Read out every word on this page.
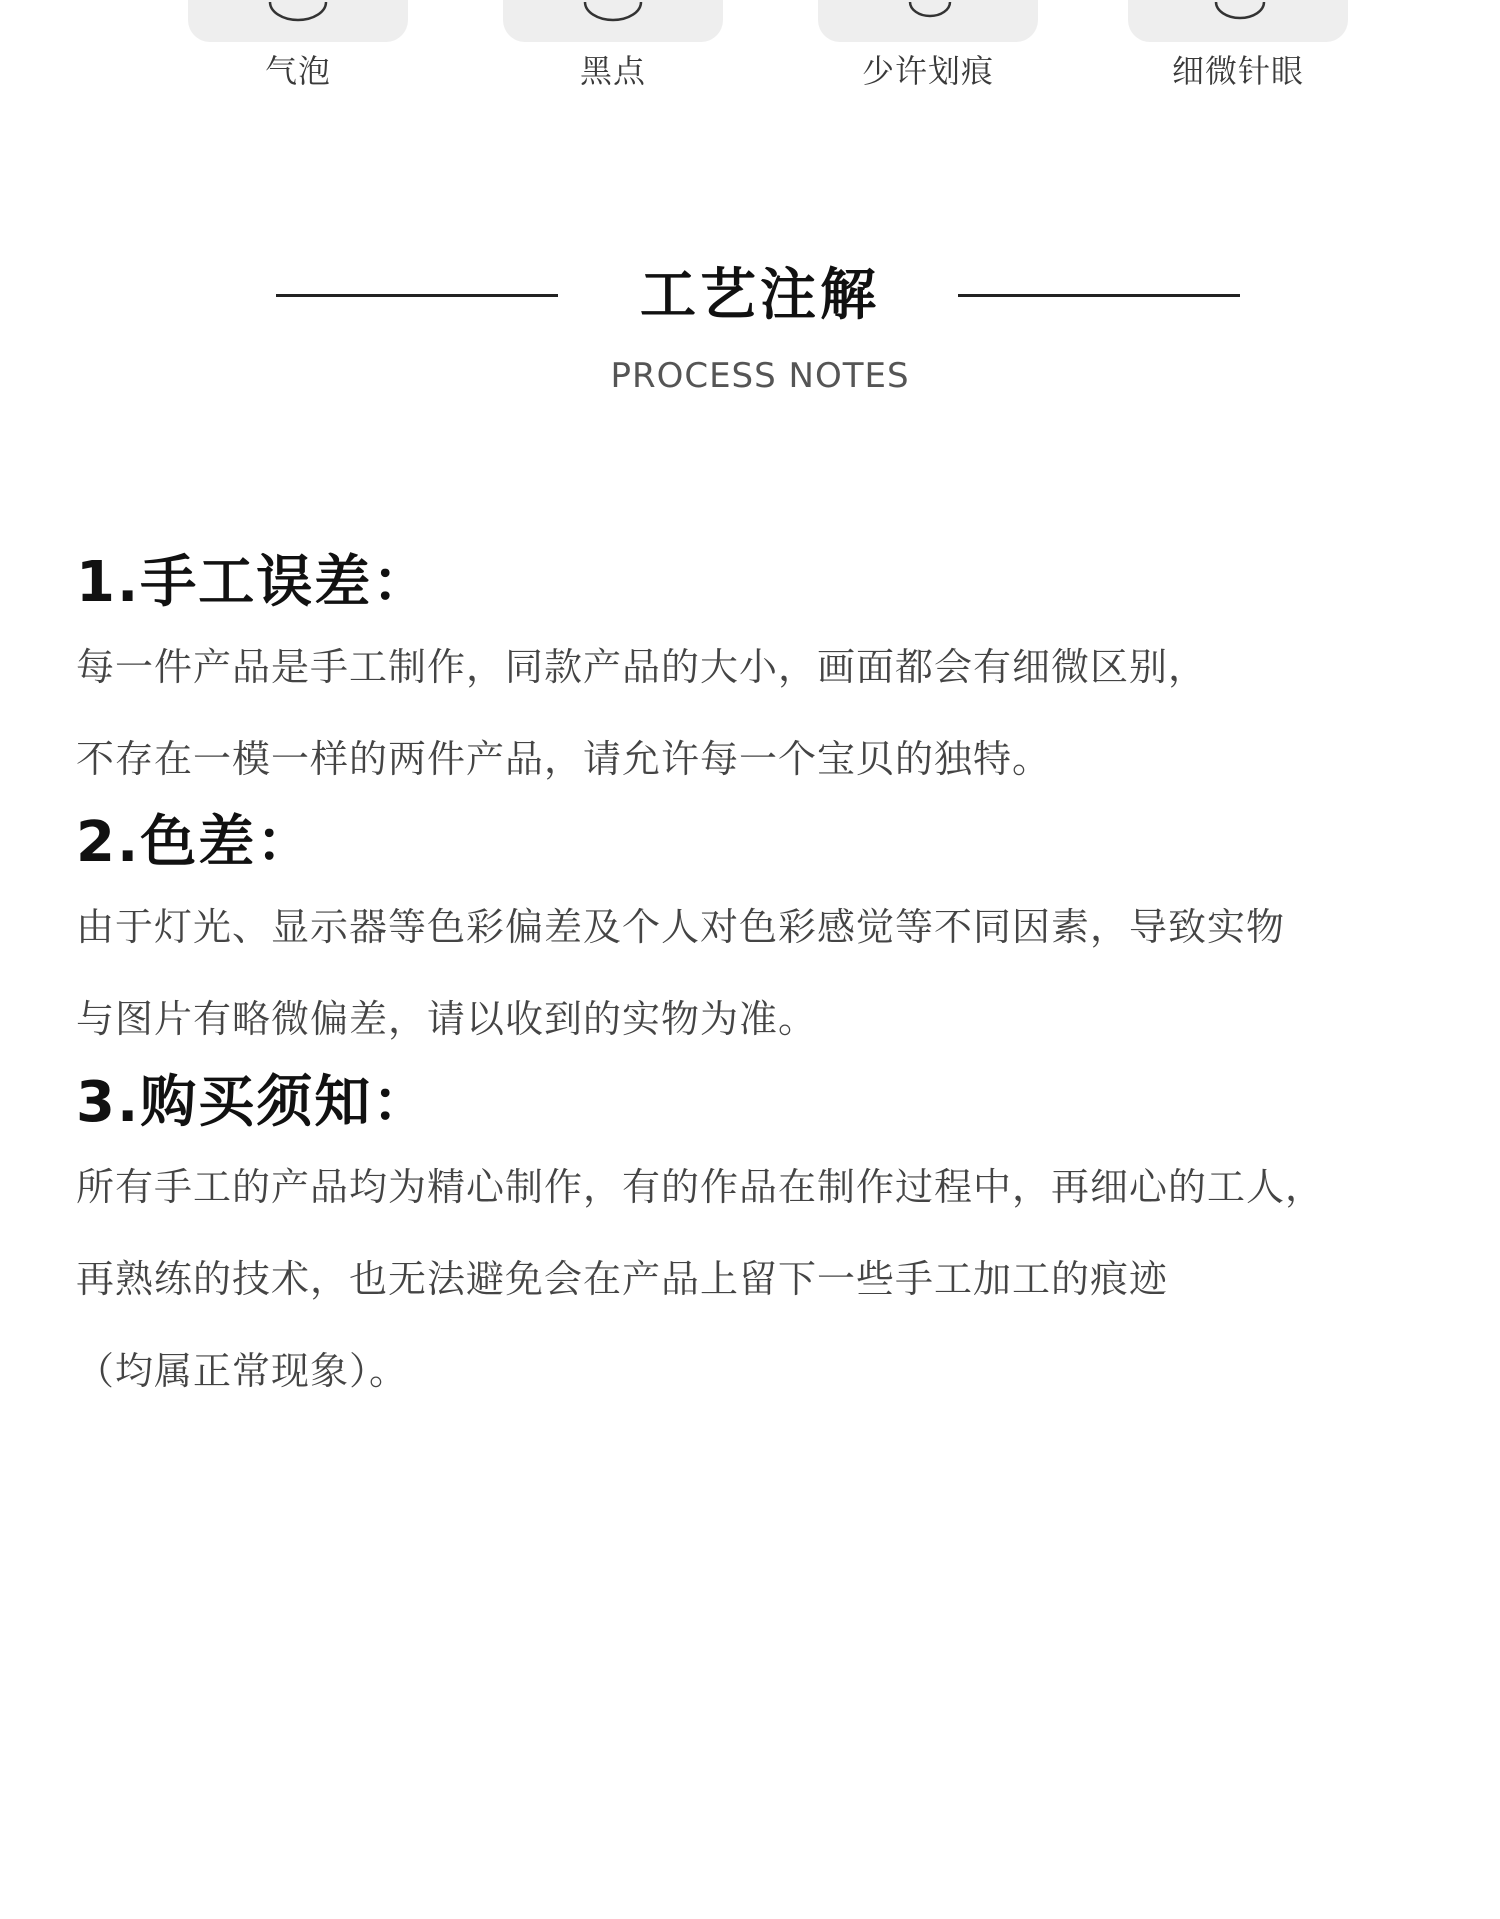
气泡	黑点	少许划痕	细微针眼
工艺注解
PROCESS NOTES
1.手工误差：

每一件产品是手工制作，同款产品的大小，画面都会有细微区别，
不存在一模一样的两件产品，请允许每一个宝贝的独特。

2.色差：

由于灯光、显示器等色彩偏差及个人对色彩感觉等不同因素，导致实物
与图片有略微偏差，请以收到的实物为准。

3.购买须知：

所有手工的产品均为精心制作，有的作品在制作过程中，再细心的工人，
再熟练的技术，也无法避免会在产品上留下一些手工加工的痕迹
（均属正常现象）。
